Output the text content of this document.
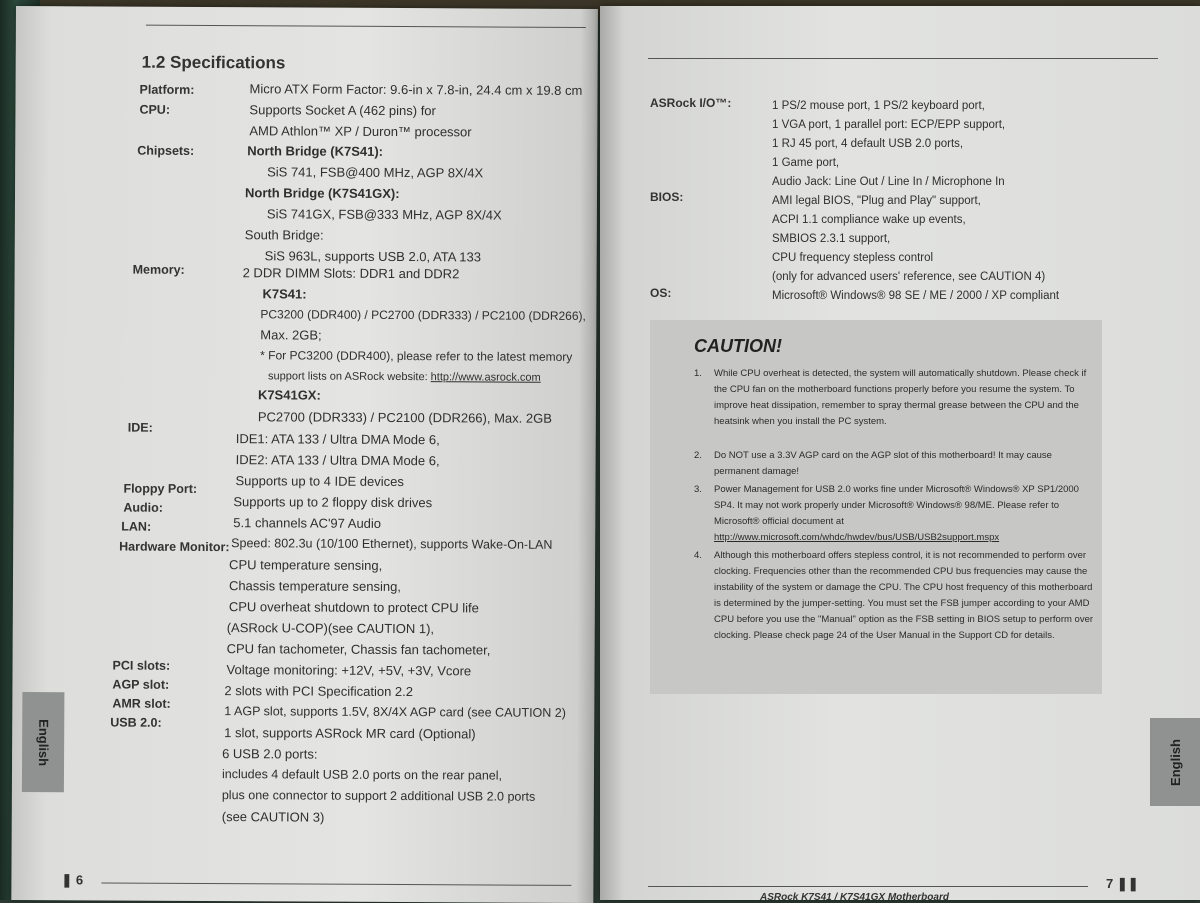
1.2 Specifications
Platform:	Micro ATX Form Factor: 9.6-in x 7.8-in, 24.4 cm x 19.8 cm
CPU:	Supports Socket A (462 pins) for
AMD Athlon™ XP / Duron™ processor
Chipsets:	North Bridge (K7S41):
SiS 741, FSB@400 MHz, AGP 8X/4X
North Bridge (K7S41GX):
SiS 741GX, FSB@333 MHz, AGP 8X/4X
South Bridge:
SiS 963L, supports USB 2.0, ATA 133
Memory:	2 DDR DIMM Slots: DDR1 and DDR2
K7S41:
PC3200 (DDR400) / PC2700 (DDR333) / PC2100 (DDR266),
Max. 2GB;
* For PC3200 (DDR400), please refer to the latest memory
support lists on ASRock website: http://www.asrock.com
K7S41GX:
PC2700 (DDR333) / PC2100 (DDR266), Max. 2GB
IDE:
IDE1: ATA 133 / Ultra DMA Mode 6,
IDE2: ATA 133 / Ultra DMA Mode 6,
Supports up to 4 IDE devices
Floppy Port:
Supports up to 2 floppy disk drives
Audio:
5.1 channels AC'97 Audio
LAN:
Speed: 802.3u (10/100 Ethernet), supports Wake-On-LAN
Hardware Monitor:
CPU temperature sensing,
Chassis temperature sensing,
CPU overheat shutdown to protect CPU life
(ASRock U-COP)(see CAUTION 1),
CPU fan tachometer, Chassis fan tachometer,
Voltage monitoring: +12V, +5V, +3V, Vcore
PCI slots:
2 slots with PCI Specification 2.2
AGP slot:
1 AGP slot, supports 1.5V, 8X/4X AGP card (see CAUTION 2)
AMR slot:
1 slot, supports ASRock MR card (Optional)
USB 2.0:
6 USB 2.0 ports:
includes 4 default USB 2.0 ports on the rear panel,
plus one connector to support 2 additional USB 2.0 ports
(see CAUTION 3)
English
❚ 6
ASRock I/O™:	1 PS/2 mouse port, 1 PS/2 keyboard port,
1 VGA port, 1 parallel port: ECP/EPP support,
1 RJ 45 port, 4 default USB 2.0 ports,
1 Game port,
Audio Jack: Line Out / Line In / Microphone In
BIOS:	AMI legal BIOS, "Plug and Play" support,
ACPI 1.1 compliance wake up events,
SMBIOS 2.3.1 support,
CPU frequency stepless control
(only for advanced users' reference, see CAUTION 4)
OS:	Microsoft® Windows® 98 SE / ME / 2000 / XP compliant
CAUTION!
1. While CPU overheat is detected, the system will automatically shutdown. Please check if the CPU fan on the motherboard functions properly before you resume the system. To improve heat dissipation, remember to spray thermal grease between the CPU and the heatsink when you install the PC system.
2. Do NOT use a 3.3V AGP card on the AGP slot of this motherboard! It may cause permanent damage!
3. Power Management for USB 2.0 works fine under Microsoft® Windows® XP SP1/2000 SP4. It may not work properly under Microsoft® Windows® 98/ME. Please refer to Microsoft® official document at http://www.microsoft.com/whdc/hwdev/bus/USB/USB2support.mspx
4. Although this motherboard offers stepless control, it is not recommended to perform over clocking. Frequencies other than the recommended CPU bus frequencies may cause the instability of the system or damage the CPU. The CPU host frequency of this motherboard is determined by the jumper-setting. You must set the FSB jumper according to your AMD CPU before you use the "Manual" option as the FSB setting in BIOS setup to perform over clocking. Please check page 24 of the User Manual in the Support CD for details.
English
ASRock K7S41 / K7S41GX Motherboard
7 ❚❚
